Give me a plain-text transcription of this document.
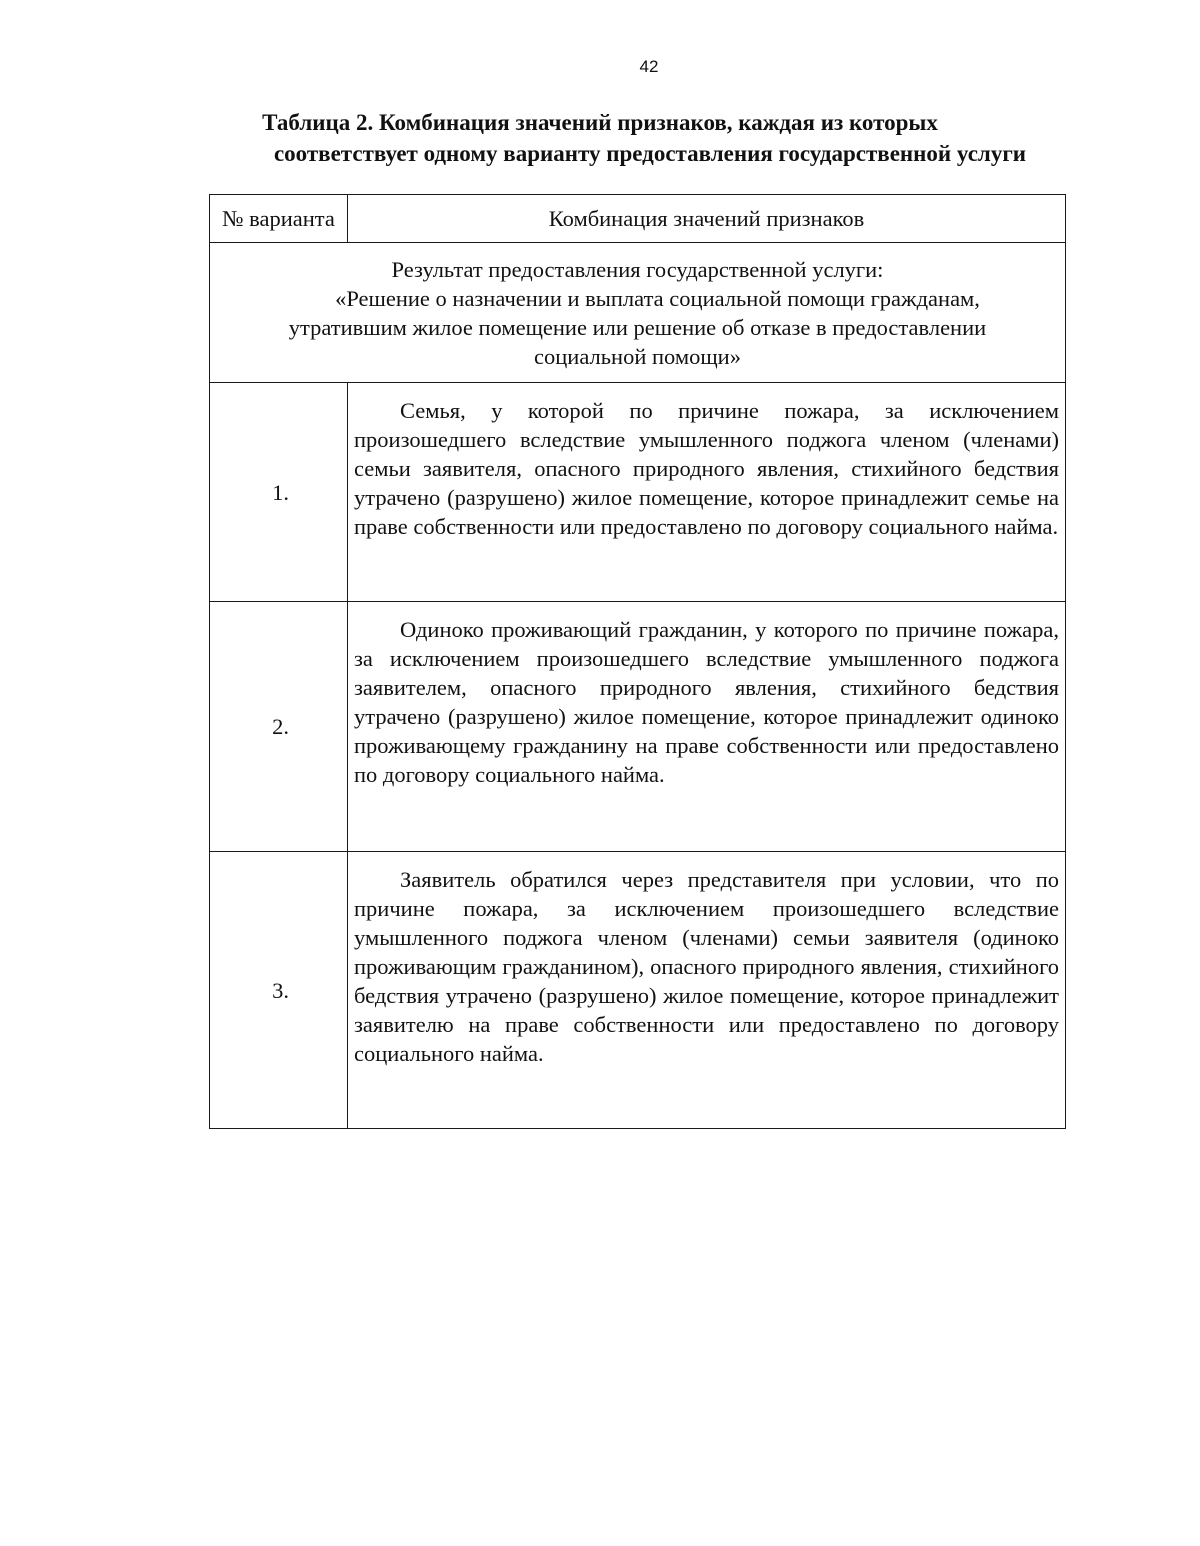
42
Таблица 2. Комбинация значений признаков, каждая из которых
соответствует одному варианту предоставления государственной услуги
№ варианта	Комбинация значений признаков

Результат предоставления государственной услуги:
«Решение о назначении и выплата социальной помощи гражданам,
утратившим жилое помещение или решение об отказе в предоставлении
социальной помощи»	

1.	Семья, у которой по причине пожара, за исключением произошедшего вследствие умышленного поджога членом (членами) семьи заявителя, опасного природного явления, стихийного бедствия утрачено (разрушено) жилое помещение, которое принадлежит семье на праве собственности или предоставлено по договору социального найма.
2.	Одиноко проживающий гражданин, у которого по причине пожара, за исключением произошедшего вследствие умышленного поджога заявителем, опасного природного явления, стихийного бедствия утрачено (разрушено) жилое помещение, которое принадлежит одиноко проживающему гражданину на праве собственности или предоставлено по договору социального найма.
3.	Заявитель обратился через представителя при условии, что по причине пожара, за исключением произошедшего вследствие умышленного поджога членом (членами) семьи заявителя (одиноко проживающим гражданином), опасного природного явления, стихийного бедствия утрачено (разрушено) жилое помещение, которое принадлежит заявителю на праве собственности или предоставлено по договору социального найма.
